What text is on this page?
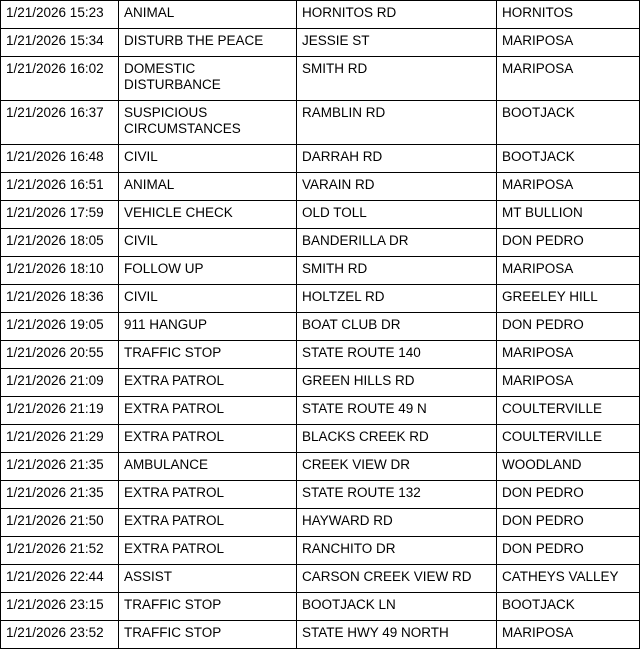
1/21/2026 15:23	ANIMAL	HORNITOS RD	HORNITOS
1/21/2026 15:34	DISTURB THE PEACE	JESSIE ST	MARIPOSA
1/21/2026 16:02	DOMESTIC DISTURBANCE	SMITH RD	MARIPOSA
1/21/2026 16:37	SUSPICIOUS CIRCUMSTANCES	RAMBLIN RD	BOOTJACK
1/21/2026 16:48	CIVIL	DARRAH RD	BOOTJACK
1/21/2026 16:51	ANIMAL	VARAIN RD	MARIPOSA
1/21/2026 17:59	VEHICLE CHECK	OLD TOLL	MT BULLION
1/21/2026 18:05	CIVIL	BANDERILLA DR	DON PEDRO
1/21/2026 18:10	FOLLOW UP	SMITH RD	MARIPOSA
1/21/2026 18:36	CIVIL	HOLTZEL RD	GREELEY HILL
1/21/2026 19:05	911 HANGUP	BOAT CLUB DR	DON PEDRO
1/21/2026 20:55	TRAFFIC STOP	STATE ROUTE 140	MARIPOSA
1/21/2026 21:09	EXTRA PATROL	GREEN HILLS RD	MARIPOSA
1/21/2026 21:19	EXTRA PATROL	STATE ROUTE 49 N	COULTERVILLE
1/21/2026 21:29	EXTRA PATROL	BLACKS CREEK RD	COULTERVILLE
1/21/2026 21:35	AMBULANCE	CREEK VIEW DR	WOODLAND
1/21/2026 21:35	EXTRA PATROL	STATE ROUTE 132	DON PEDRO
1/21/2026 21:50	EXTRA PATROL	HAYWARD RD	DON PEDRO
1/21/2026 21:52	EXTRA PATROL	RANCHITO DR	DON PEDRO
1/21/2026 22:44	ASSIST	CARSON CREEK VIEW RD	CATHEYS VALLEY
1/21/2026 23:15	TRAFFIC STOP	BOOTJACK LN	BOOTJACK
1/21/2026 23:52	TRAFFIC STOP	STATE HWY 49 NORTH	MARIPOSA
